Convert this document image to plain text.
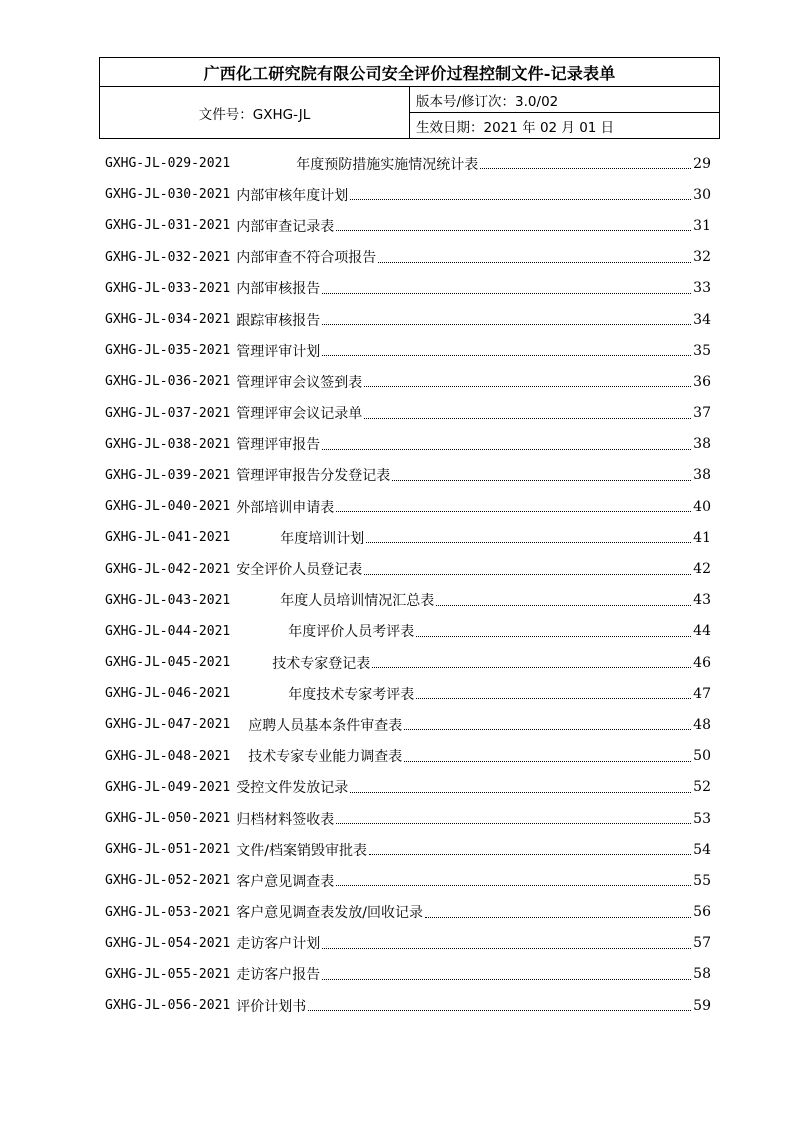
广西化工研究院有限公司安全评价过程控制文件-记录表单
文件号：GXHG-JL	版本号/修订次：3.0/02
生效日期：2021 年 02 月 01 日
GXHG-JL-029-2021	年度预防措施实施情况统计表	29
GXHG-JL-030-2021 内部审核年度计划	30
GXHG-JL-031-2021 内部审查记录表	31
GXHG-JL-032-2021 内部审查不符合项报告	32
GXHG-JL-033-2021 内部审核报告	33
GXHG-JL-034-2021 跟踪审核报告	34
GXHG-JL-035-2021 管理评审计划	35
GXHG-JL-036-2021 管理评审会议签到表	36
GXHG-JL-037-2021 管理评审会议记录单	37
GXHG-JL-038-2021 管理评审报告	38
GXHG-JL-039-2021 管理评审报告分发登记表	38
GXHG-JL-040-2021 外部培训申请表	40
GXHG-JL-041-2021	年度培训计划	41
GXHG-JL-042-2021 安全评价人员登记表	42
GXHG-JL-043-2021	年度人员培训情况汇总表	43
GXHG-JL-044-2021	年度评价人员考评表	44
GXHG-JL-045-2021	技术专家登记表	46
GXHG-JL-046-2021	年度技术专家考评表	47
GXHG-JL-047-2021 应聘人员基本条件审查表	48
GXHG-JL-048-2021 技术专家专业能力调查表	50
GXHG-JL-049-2021 受控文件发放记录	52
GXHG-JL-050-2021 归档材料签收表	53
GXHG-JL-051-2021 文件/档案销毁审批表	54
GXHG-JL-052-2021 客户意见调查表	55
GXHG-JL-053-2021 客户意见调查表发放/回收记录	56
GXHG-JL-054-2021 走访客户计划	57
GXHG-JL-055-2021 走访客户报告	58
GXHG-JL-056-2021 评价计划书	59
